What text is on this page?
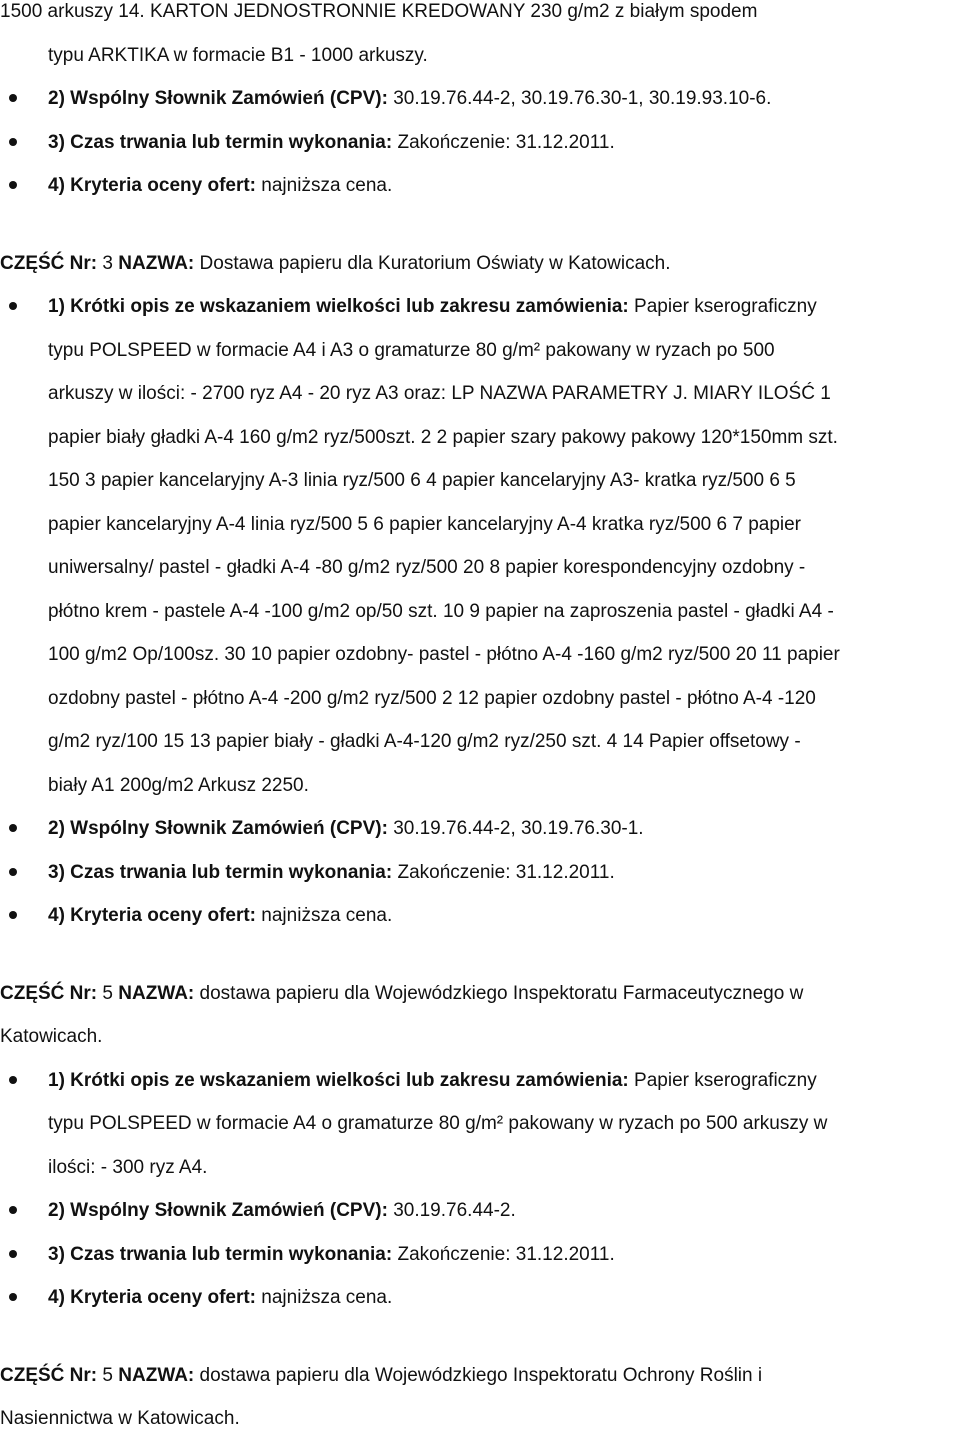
1500 arkuszy 14. KARTON JEDNOSTRONNIE KREDOWANY 230 g/m2 z białym spodem
typu ARKTIKA w formacie B1 - 1000 arkuszy.
2) Wspólny Słownik Zamówień (CPV): 30.19.76.44-2, 30.19.76.30-1, 30.19.93.10-6.
3) Czas trwania lub termin wykonania: Zakończenie: 31.12.2011.
4) Kryteria oceny ofert: najniższa cena.
CZĘŚĆ Nr: 3 NAZWA: Dostawa papieru dla Kuratorium Oświaty w Katowicach.
1) Krótki opis ze wskazaniem wielkości lub zakresu zamówienia: Papier kserograficzny
typu POLSPEED w formacie A4 i A3 o gramaturze 80 g/m² pakowany w ryzach po 500
arkuszy w ilości: - 2700 ryz A4 - 20 ryz A3 oraz: LP NAZWA PARAMETRY J. MIARY ILOŚĆ 1
papier biały gładki A-4 160 g/m2 ryz/500szt. 2 2 papier szary pakowy pakowy 120*150mm szt.
150 3 papier kancelaryjny A-3 linia ryz/500 6 4 papier kancelaryjny A3- kratka ryz/500 6 5
papier kancelaryjny A-4 linia ryz/500 5 6 papier kancelaryjny A-4 kratka ryz/500 6 7 papier
uniwersalny/ pastel - gładki A-4 -80 g/m2 ryz/500 20 8 papier korespondencyjny ozdobny -
płótno krem - pastele A-4 -100 g/m2 op/50 szt. 10 9 papier na zaproszenia pastel - gładki A4 -
100 g/m2 Op/100sz. 30 10 papier ozdobny- pastel - płótno A-4 -160 g/m2 ryz/500 20 11 papier
ozdobny pastel - płótno A-4 -200 g/m2 ryz/500 2 12 papier ozdobny pastel - płótno A-4 -120
g/m2 ryz/100 15 13 papier biały - gładki A-4-120 g/m2 ryz/250 szt. 4 14 Papier offsetowy -
biały A1 200g/m2 Arkusz 2250.
2) Wspólny Słownik Zamówień (CPV): 30.19.76.44-2, 30.19.76.30-1.
3) Czas trwania lub termin wykonania: Zakończenie: 31.12.2011.
4) Kryteria oceny ofert: najniższa cena.
CZĘŚĆ Nr: 5 NAZWA: dostawa papieru dla Wojewódzkiego Inspektoratu Farmaceutycznego w
Katowicach.
1) Krótki opis ze wskazaniem wielkości lub zakresu zamówienia: Papier kserograficzny
typu POLSPEED w formacie A4 o gramaturze 80 g/m² pakowany w ryzach po 500 arkuszy w
ilości: - 300 ryz A4.
2) Wspólny Słownik Zamówień (CPV): 30.19.76.44-2.
3) Czas trwania lub termin wykonania: Zakończenie: 31.12.2011.
4) Kryteria oceny ofert: najniższa cena.
CZĘŚĆ Nr: 5 NAZWA: dostawa papieru dla Wojewódzkiego Inspektoratu Ochrony Roślin i
Nasiennictwa w Katowicach.
